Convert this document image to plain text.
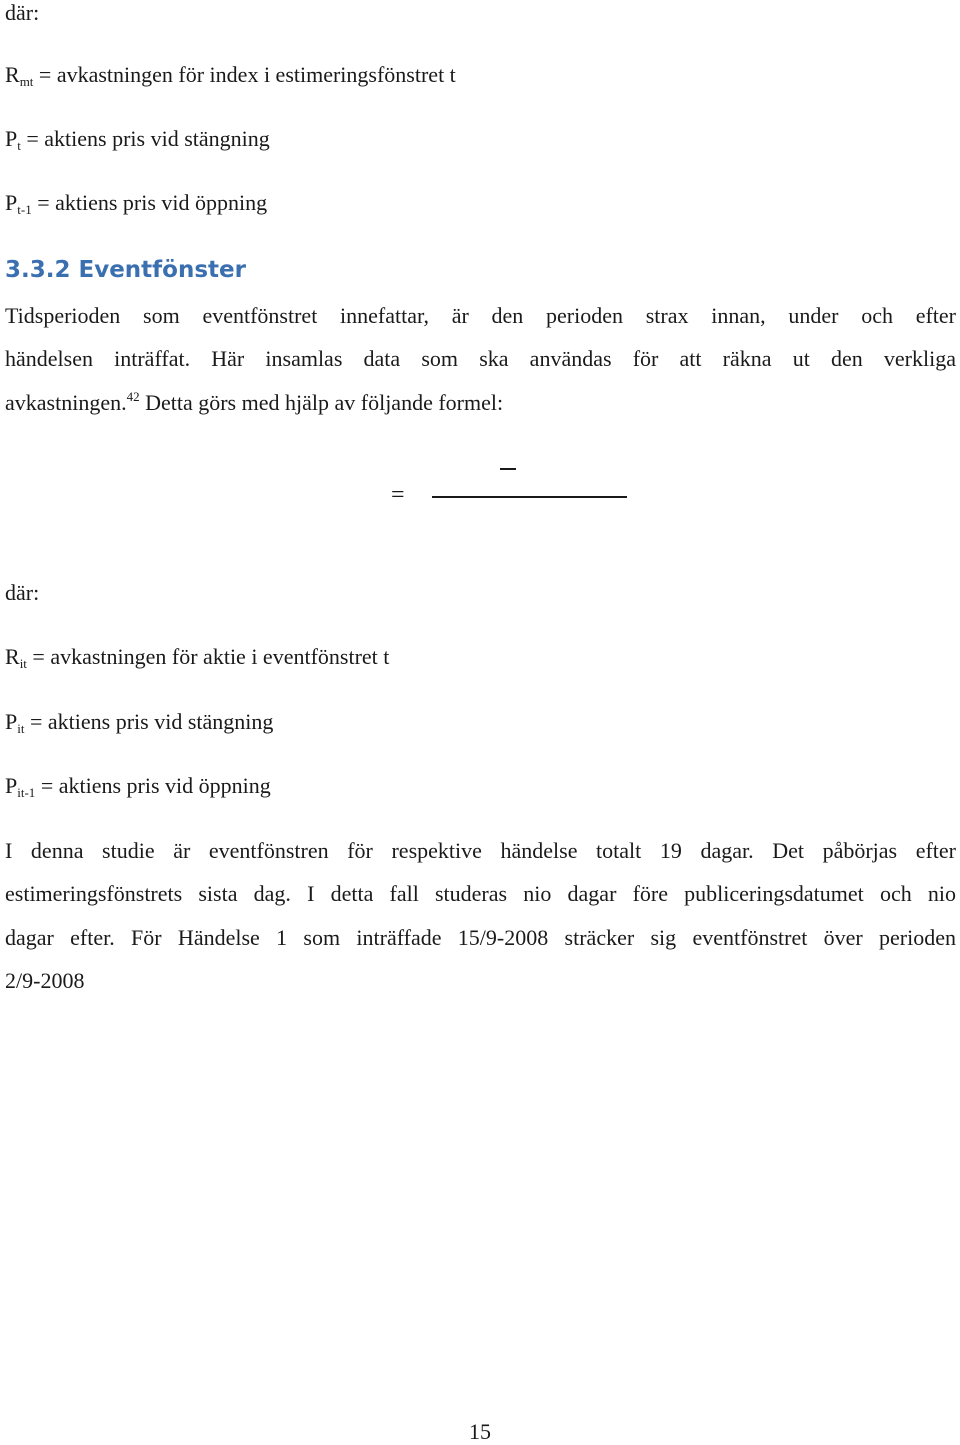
där:

$R_{mt}$ = avkastningen för index i estimeringsfönstret t

$P_t$ = aktiens pris vid stängning

$P_{t-1}$ = aktiens pris vid öppning

3.3.2 Eventfönster

Tidsperioden som eventfönstret innefattar, är den perioden strax innan, under och efter

händelsen inträffat. Här insamlas data som ska användas för att räkna ut den verkliga

avkastningen.$^{42}$ Detta görs med hjälp av följande formel:

=

där:

$R_{it}$ = avkastningen för aktie i eventfönstret t

$P_{it}$ = aktiens pris vid stängning

$P_{it-1}$ = aktiens pris vid öppning

I denna studie är eventfönstren för respektive händelse totalt 19 dagar. Det påbörjas efter

estimeringsfönstrets sista dag. I detta fall studeras nio dagar före publiceringsdatumet och nio

dagar efter. För Händelse 1 som inträffade 15/9-2008 sträcker sig eventfönstret över perioden

2/9-2008

15
